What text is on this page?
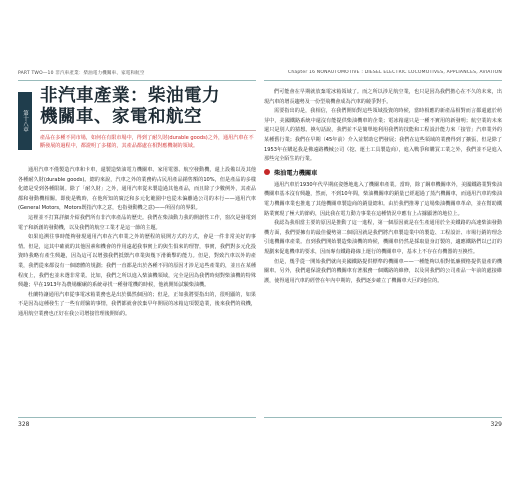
PART TWO—10 非汽車產業：柴油電力機關車、家電和航空
第十八章
非汽車產業：柴油電力
機關車、家電和航空
產品在多種不同市場，如何在有限市場中，得到了耐久財(durable goods)之外，通用汽車在不斷發展的過程中，都證明了多樣的，其產品都處在相對應機制的領域。

通用汽車不僅製造汽車和卡車，還製造柴油電力機關車、家用電器、航空發動機，還上設備以及其他各種耐久財(durable goods)。總的來說，汽車之外的業務約占民用產品銷售額的10%，但是產品的多樣化總是受到各種限制。除了「耐久財」之外，通用汽車從未製造過其他產品，而且除了少數例外，其產品都和發動機相關。即使是戰時，在他所知的廣泛和多元化範圍中也從未偏離過公司的本行——通用汽車(General Motors，Motors既指汽車之意，也指發動機之意)——所固有的界限。

這裡並不打算詳細介紹我們所有非汽車產品的歷史。我們在柴油動力我的開創性工作，窗次是發電到電子和新創的發動機，以及我們的航空工業才是這一節的主題。

如果追溯往事時能夠發現通用汽車在汽車業之外的歷程的展開方式的方式，會是一件非常美好的事情。但是，這其中確就的其他因素和機會的作用遠超我事實上的與生俱來的理智，事實，我們對多元化投資時我略有產生興趣，因為這可以增強我們抵禦汽車業與幾下滑衝擊的能力。但是，對致汽車以外的產業，我們從來都沒有一個總體的規劃；我們一直都是出於各種不同的原因才涉足這些產業的，並且在某種程度上，我們也並未選非常業。比如，我們之所以進入柴油機領域，完全是因為我們時刻對柴油機的特殊興趣；早在1913年為農場輾碾的系統尋找一種發電機的時候，他就開始試驗柴油機。

杜蘭特讓通用汽車從事電冰箱業務也是出於偶然個因的；但是，正如我將要指出的，很明顯的，如果不是因為這種發生了一些有經驗的事情，我們都就會放棄早年開展的冰箱這項製造業，後來我們的飛機，通用航空業務也正好在我公司增接管理後開始的。

328
Chapter 16 NONAUTOMOTIVE : DIESEL ELECTRIC LOCOMOTIVES, APPLIANCES, AVIATION

們可能會在早期就放棄電冰箱領域了。而之所以涉足航空業，也只是因為我們擔心在不久的未來，出現汽車的增長趨勢及一份型飛機會成為汽車的競爭對手。

需要指出的是，我相信，在我們開始對這些領域投資的時候，當時相應的新產品相對而言都還處於萌芽中，美國鐵路系統中還沒有能提供柴油機車的企業；電冰箱還只是一種不實用的新發明；航空業的未來還只是別人的猜想。換句話說，我們並不是簡單地利用我們的技能和工程設計能力來「接管」汽車業外的某種舊行業；我們在早期（45年前）介入並幫助它們發展；我們在這些領域的業務得到了擴張，但是除了1953年在購起我是佛遠路機械公司（挖、運土工具製造商），進入戰爭和購買工業之外，我們並不是進入那些完全陌生的行業。

柴油電力機關車

通用汽車於1930年代早期底姿態地進入了機關車產業。當時，除了鋼車機關車外，美國鐵路業對柴油機關車基本沒有興趣，然而，不到10年間，柴油機關車的銷量已經超過了蒸汽機關車，而通用汽車的柴油電力機關車業也推進了其他機關車製造商的銷量總和。由於我們推導了這場柴油機關車革命，並在幫助鐵路業實現了極大的節約，因此我在電力動力事業在這種情況中應有上占據顯著的地位上。

我認為我相當主要的原因是推動了這一進程，第一個原因就是在生產通用於全美鐵路的高速柴油發動機方面，我們要擁有的最佳優勢第二個原因就是我們將汽車製造業中的製造、工程設計、市場行銷的理念引進機關車產業。直到我們開始製造柴油機的時候，機關車仍然是採取量身訂製的，適應鐵路們以已訂的規劃來促進機車的要求，因而專有鐵路路線上運行的機關車中，基本上不存在有機器的互換性。

但是，幾乎從一開始我們就向美國鐵路提供標準的機關車——一種能夠以相對低廉價格提供量產的機關車。另外，我們還保證我們的機關車有著服務一個鐵路的維修，以及同我們的公司產品一年前的處接維護，使得通用汽車的經營在年內中期的，我們逐步確立了機關車大巨的地位的。

329
